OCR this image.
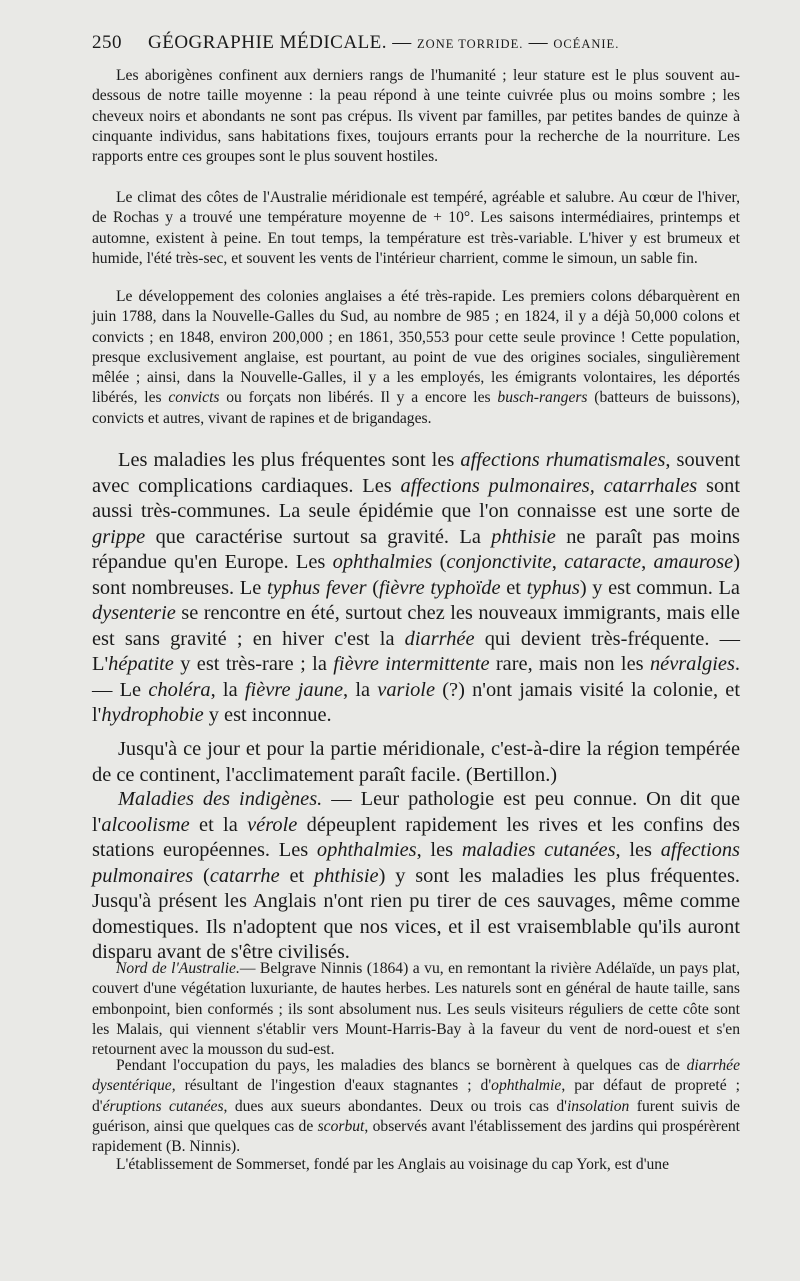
250 GÉOGRAPHIE MÉDICALE. — ZONE TORRIDE. — OCÉANIE.

Les aborigènes confinent aux derniers rangs de l'humanité ; leur stature est le plus souvent au-dessous de notre taille moyenne : la peau répond à une teinte cuivrée plus ou moins sombre ; les cheveux noirs et abondants ne sont pas crépus. Ils vivent par familles, par petites bandes de quinze à cinquante individus, sans habitations fixes, toujours errants pour la recherche de la nourriture. Les rapports entre ces groupes sont le plus souvent hostiles.

Le climat des côtes de l'Australie méridionale est tempéré, agréable et salubre. Au cœur de l'hiver, de Rochas y a trouvé une température moyenne de + 10°. Les saisons intermédiaires, printemps et automne, existent à peine. En tout temps, la température est très-variable. L'hiver y est brumeux et humide, l'été très-sec, et souvent les vents de l'intérieur charrient, comme le simoun, un sable fin.

Le développement des colonies anglaises a été très-rapide. Les premiers colons débarquèrent en juin 1788, dans la Nouvelle-Galles du Sud, au nombre de 985 ; en 1824, il y a déjà 50,000 colons et convicts ; en 1848, environ 200,000 ; en 1861, 350,553 pour cette seule province ! Cette population, presque exclusivement anglaise, est pourtant, au point de vue des origines sociales, singulièrement mêlée ; ainsi, dans la Nouvelle-Galles, il y a les employés, les émigrants volontaires, les déportés libérés, les convicts ou forçats non libérés. Il y a encore les busch-rangers (batteurs de buissons), convicts et autres, vivant de rapines et de brigandages.

Les maladies les plus fréquentes sont les affections rhumatismales, souvent avec complications cardiaques. Les affections pulmonaires, catarrhales sont aussi très-communes. La seule épidémie que l'on connaisse est une sorte de grippe que caractérise surtout sa gravité. La phthisie ne paraît pas moins répandue qu'en Europe. Les ophthalmies (conjonctivite, cataracte, amaurose) sont nombreuses. Le typhus fever (fièvre typhoïde et typhus) y est commun. La dysenterie se rencontre en été, surtout chez les nouveaux immigrants, mais elle est sans gravité ; en hiver c'est la diarrhée qui devient très-fréquente. — L'hépatite y est très-rare ; la fièvre intermittente rare, mais non les névralgies. — Le choléra, la fièvre jaune, la variole (?) n'ont jamais visité la colonie, et l'hydrophobie y est inconnue.

Jusqu'à ce jour et pour la partie méridionale, c'est-à-dire la région tempérée de ce continent, l'acclimatement paraît facile. (Bertillon.)

Maladies des indigènes. — Leur pathologie est peu connue. On dit que l'alcoolisme et la vérole dépeuplent rapidement les rives et les confins des stations européennes. Les ophthalmies, les maladies cutanées, les affections pulmonaires (catarrhe et phthisie) y sont les maladies les plus fréquentes. Jusqu'à présent les Anglais n'ont rien pu tirer de ces sauvages, même comme domestiques. Ils n'adoptent que nos vices, et il est vraisemblable qu'ils auront disparu avant de s'être civilisés.

Nord de l'Australie.— Belgrave Ninnis (1864) a vu, en remontant la rivière Adélaïde, un pays plat, couvert d'une végétation luxuriante, de hautes herbes. Les naturels sont en général de haute taille, sans embonpoint, bien conformés ; ils sont absolument nus. Les seuls visiteurs réguliers de cette côte sont les Malais, qui viennent s'établir vers Mount-Harris-Bay à la faveur du vent de nord-ouest et s'en retournent avec la mousson du sud-est.

Pendant l'occupation du pays, les maladies des blancs se bornèrent à quelques cas de diarrhée dysentérique, résultant de l'ingestion d'eaux stagnantes ; d'ophthalmie, par défaut de propreté ; d'éruptions cutanées, dues aux sueurs abondantes. Deux ou trois cas d'insolation furent suivis de guérison, ainsi que quelques cas de scorbut, observés avant l'établissement des jardins qui prospérèrent rapidement (B. Ninnis).

L'établissement de Sommerset, fondé par les Anglais au voisinage du cap York, est d'une
